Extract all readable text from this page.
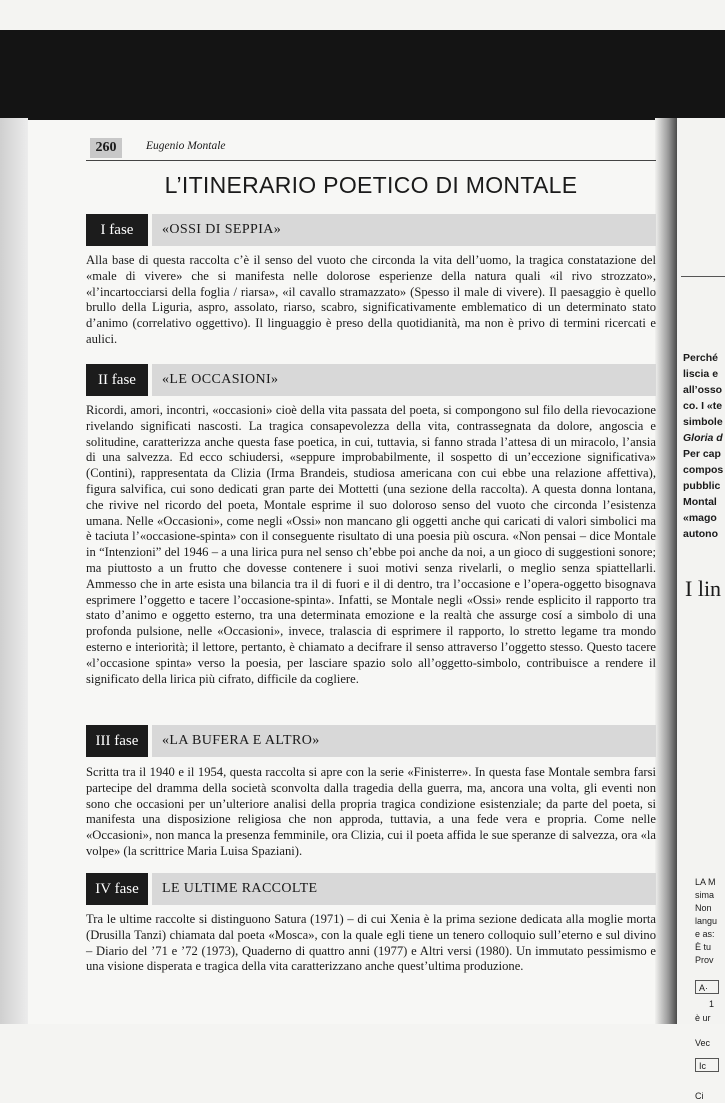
260	Eugenio Montale
L’ITINERARIO POETICO DI MONTALE
I fase	«OSSI DI SEPPIA»

Alla base di questa raccolta c’è il senso del vuoto che circonda la vita dell’uomo, la tragica constatazione del «male di vivere» che si manifesta nelle dolorose esperienze della natura quali «il rivo strozzato», «l’incartocciarsi della foglia / riarsa», «il cavallo stramazzato» (Spesso il male di vivere). Il paesaggio è quello brullo della Liguria, aspro, assolato, riarso, scabro, significativamente emblematico di un determinato stato d’animo (correlativo oggettivo). Il linguaggio è preso della quotidianità, ma non è privo di termini ricercati e aulici.

II fase	«LE OCCASIONI»

Ricordi, amori, incontri, «occasioni» cioè della vita passata del poeta, si compongono sul filo della rievocazione rivelando significati nascosti. La tragica consapevolezza della vita, contrassegnata da dolore, angoscia e solitudine, caratterizza anche questa fase poetica, in cui, tuttavia, si fanno strada l’attesa di un miracolo, l’ansia di una salvezza. Ed ecco schiudersi, «seppure improbabilmente, il sospetto di un’eccezione significativa» (Contini), rappresentata da Clizia (Irma Brandeis, studiosa americana con cui ebbe una relazione affettiva), figura salvifica, cui sono dedicati gran parte dei Mottetti (una sezione della raccolta). A questa donna lontana, che rivive nel ricordo del poeta, Montale esprime il suo doloroso senso del vuoto che circonda l’esistenza umana. Nelle «Occasioni», come negli «Ossi» non mancano gli oggetti anche qui caricati di valori simbolici ma è taciuta l’«occasione-spinta» con il conseguente risultato di una poesia più oscura. «Non pensai – dice Montale in “Intenzioni” del 1946 – a una lirica pura nel senso ch’ebbe poi anche da noi, a un gioco di suggestioni sonore; ma piuttosto a un frutto che dovesse contenere i suoi motivi senza rivelarli, o meglio senza spiattellarli. Ammesso che in arte esista una bilancia tra il di fuori e il di dentro, tra l’occasione e l’opera-oggetto bisognava esprimere l’oggetto e tacere l’occasione-spinta». Infatti, se Montale negli «Ossi» rende esplicito il rapporto tra stato d’animo e oggetto esterno, tra una determinata emozione e la realtà che assurge cosí a simbolo di una profonda pulsione, nelle «Occasioni», invece, tralascia di esprimere il rapporto, lo stretto legame tra mondo esterno e interiorità; il lettore, pertanto, è chiamato a decifrare il senso attraverso l’oggetto stesso. Questo tacere «l’occasione spinta» verso la poesia, per lasciare spazio solo all’oggetto-simbolo, contribuisce a rendere il significato della lirica più cifrato, difficile da cogliere.

III fase	«LA BUFERA E ALTRO»

Scritta tra il 1940 e il 1954, questa raccolta si apre con la serie «Finisterre». In questa fase Montale sembra farsi partecipe del dramma della società sconvolta dalla tragedia della guerra, ma, ancora una volta, gli eventi non sono che occasioni per un’ulteriore analisi della propria tragica condizione esistenziale; da parte del poeta, si manifesta una disposizione religiosa che non approda, tuttavia, a una fede vera e propria. Come nelle «Occasioni», non manca la presenza femminile, ora Clizia, cui il poeta affida le sue speranze di salvezza, ora «la volpe» (la scrittrice Maria Luisa Spaziani).

IV fase	LE ULTIME RACCOLTE

Tra le ultime raccolte si distinguono Satura (1971) – di cui Xenia è la prima sezione dedicata alla moglie morta (Drusilla Tanzi) chiamata dal poeta «Mosca», con la quale egli tiene un tenero colloquio sull’eterno e sul divino – Diario del ’71 e ’72 (1973), Quaderno di quattro anni (1977) e Altri versi (1980). Un immutato pessimismo e una visione disperata e tragica della vita caratterizzano anche quest’ultima produzione.

Perché
liscia e
all’osso
co. I «te
simbole
Gloria d
Per cap
compos
pubblic
Montal
«mago
autono
I lin
LA M
sima
Non
langu
e as:
È tu
Prov
A·
1
è ur
Vec
Ic
Ci
